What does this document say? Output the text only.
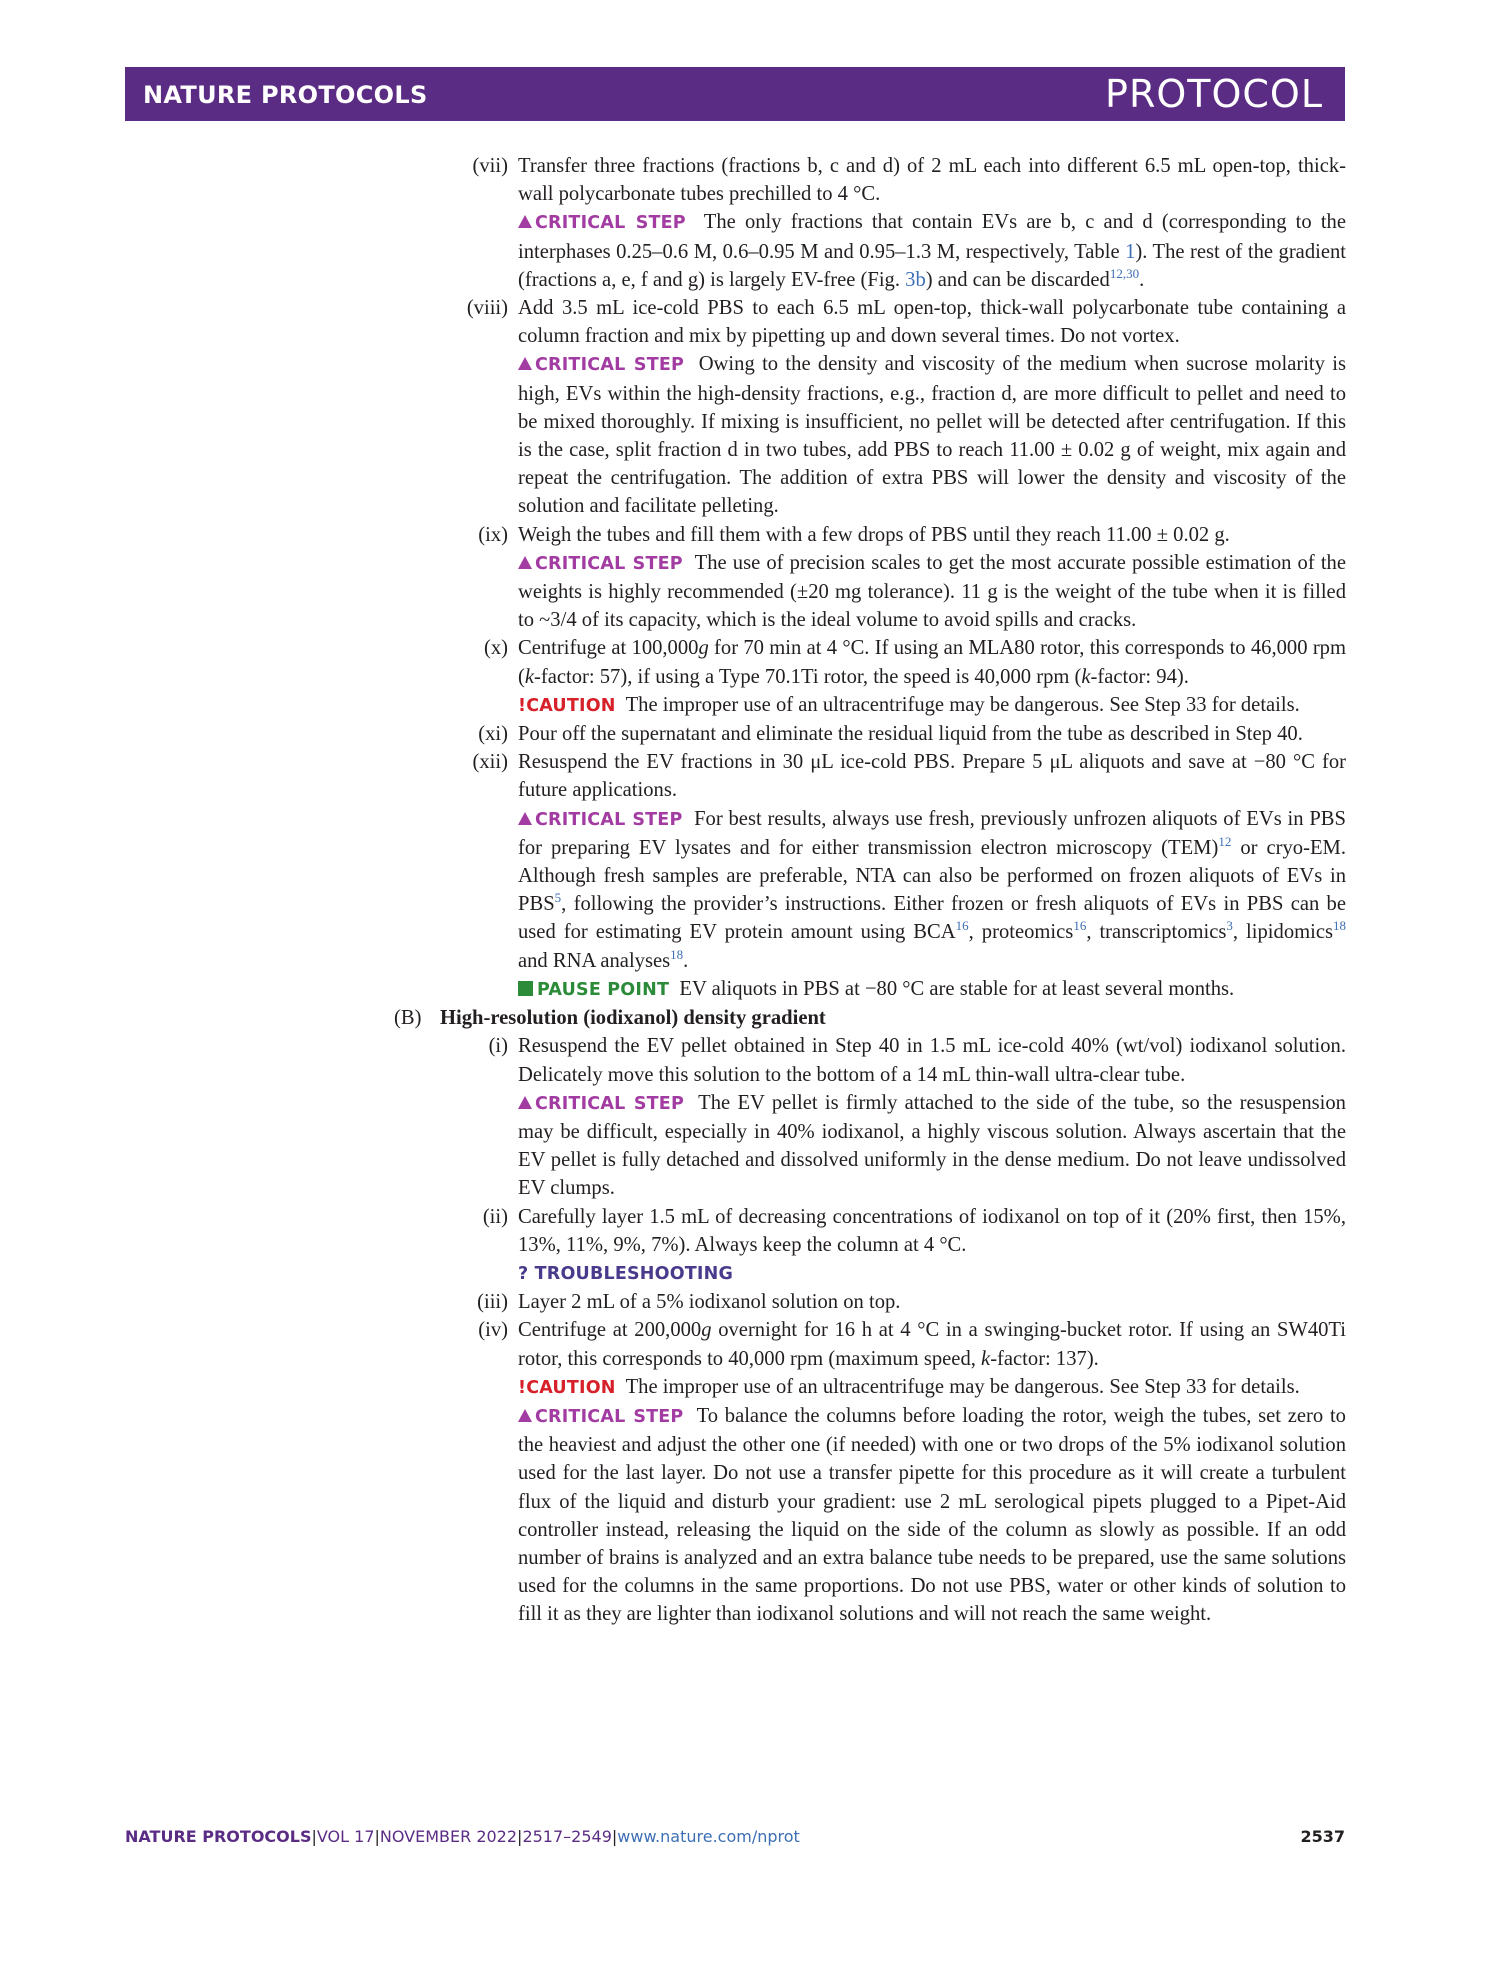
NATURE PROTOCOLS	PROTOCOL
(vii) Transfer three fractions (fractions b, c and d) of 2 mL each into different 6.5 mL open-top, thick-wall polycarbonate tubes prechilled to 4 °C.
CRITICAL STEP The only fractions that contain EVs are b, c and d (corresponding to the interphases 0.25–0.6 M, 0.6–0.95 M and 0.95–1.3 M, respectively, Table 1). The rest of the gradient (fractions a, e, f and g) is largely EV-free (Fig. 3b) and can be discarded$^{12,30}$.
(viii) Add 3.5 mL ice-cold PBS to each 6.5 mL open-top, thick-wall polycarbonate tube containing a column fraction and mix by pipetting up and down several times. Do not vortex.
CRITICAL STEP Owing to the density and viscosity of the medium when sucrose molarity is high, EVs within the high-density fractions, e.g., fraction d, are more difficult to pellet and need to be mixed thoroughly. If mixing is insufficient, no pellet will be detected after centrifugation. If this is the case, split fraction d in two tubes, add PBS to reach 11.00 ± 0.02 g of weight, mix again and repeat the centrifugation. The addition of extra PBS will lower the density and viscosity of the solution and facilitate pelleting.
(ix) Weigh the tubes and fill them with a few drops of PBS until they reach 11.00 ± 0.02 g.
CRITICAL STEP The use of precision scales to get the most accurate possible estimation of the weights is highly recommended (±20 mg tolerance). 11 g is the weight of the tube when it is filled to ~3/4 of its capacity, which is the ideal volume to avoid spills and cracks.
(x) Centrifuge at 100,000g for 70 min at 4 °C. If using an MLA80 rotor, this corresponds to 46,000 rpm (k-factor: 57), if using a Type 70.1Ti rotor, the speed is 40,000 rpm (k-factor: 94).
!CAUTION The improper use of an ultracentrifuge may be dangerous. See Step 33 for details.
(xi) Pour off the supernatant and eliminate the residual liquid from the tube as described in Step 40.
(xii) Resuspend the EV fractions in 30 μL ice-cold PBS. Prepare 5 μL aliquots and save at −80 °C for future applications.
CRITICAL STEP For best results, always use fresh, previously unfrozen aliquots of EVs in PBS for preparing EV lysates and for either transmission electron microscopy (TEM)$^{12}$ or cryo-EM. Although fresh samples are preferable, NTA can also be performed on frozen aliquots of EVs in PBS$^5$, following the provider’s instructions. Either frozen or fresh aliquots of EVs in PBS can be used for estimating EV protein amount using BCA$^{16}$, proteomics$^{16}$, transcriptomics$^3$, lipidomics$^{18}$ and RNA analyses$^{18}$.
PAUSE POINT EV aliquots in PBS at −80 °C are stable for at least several months.
(B) High-resolution (iodixanol) density gradient
(i) Resuspend the EV pellet obtained in Step 40 in 1.5 mL ice-cold 40% (wt/vol) iodixanol solution. Delicately move this solution to the bottom of a 14 mL thin-wall ultra-clear tube.
CRITICAL STEP The EV pellet is firmly attached to the side of the tube, so the resuspension may be difficult, especially in 40% iodixanol, a highly viscous solution. Always ascertain that the EV pellet is fully detached and dissolved uniformly in the dense medium. Do not leave undissolved EV clumps.
(ii) Carefully layer 1.5 mL of decreasing concentrations of iodixanol on top of it (20% first, then 15%, 13%, 11%, 9%, 7%). Always keep the column at 4 °C.
? TROUBLESHOOTING
(iii) Layer 2 mL of a 5% iodixanol solution on top.
(iv) Centrifuge at 200,000g overnight for 16 h at 4 °C in a swinging-bucket rotor. If using an SW40Ti rotor, this corresponds to 40,000 rpm (maximum speed, k-factor: 137).
!CAUTION The improper use of an ultracentrifuge may be dangerous. See Step 33 for details.
CRITICAL STEP To balance the columns before loading the rotor, weigh the tubes, set zero to the heaviest and adjust the other one (if needed) with one or two drops of the 5% iodixanol solution used for the last layer. Do not use a transfer pipette for this procedure as it will create a turbulent flux of the liquid and disturb your gradient: use 2 mL serological pipets plugged to a Pipet-Aid controller instead, releasing the liquid on the side of the column as slowly as possible. If an odd number of brains is analyzed and an extra balance tube needs to be prepared, use the same solutions used for the columns in the same proportions. Do not use PBS, water or other kinds of solution to fill it as they are lighter than iodixanol solutions and will not reach the same weight.
NATURE PROTOCOLS|VOL 17|NOVEMBER 2022|2517–2549|www.nature.com/nprot	2537
